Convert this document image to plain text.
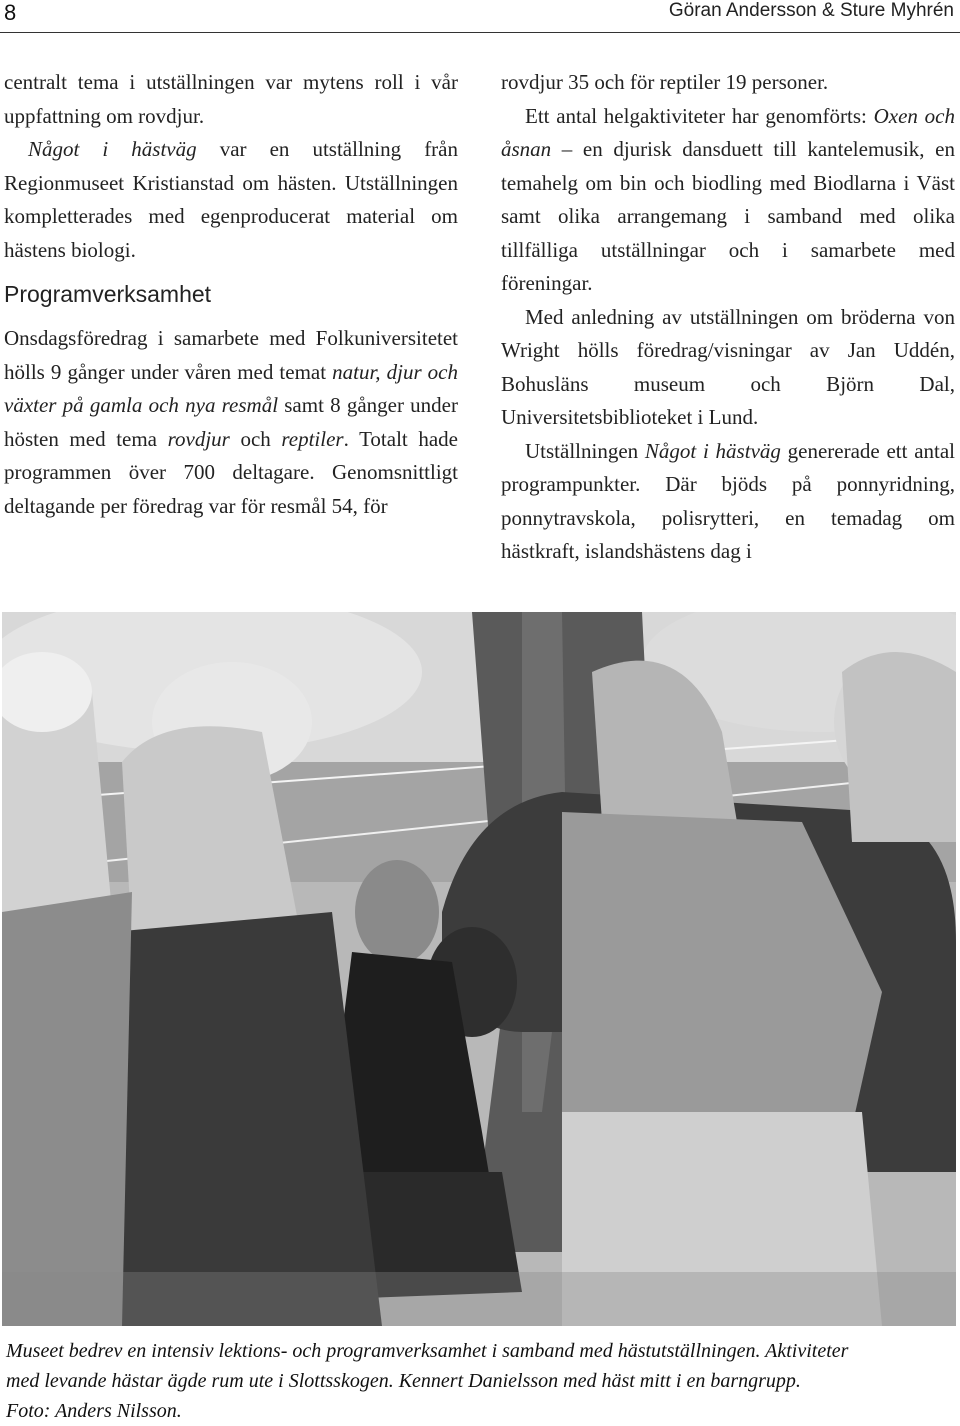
8	Göran Andersson & Sture Myhrén

centralt tema i utställningen var mytens roll i vår uppfattning om rovdjur.

Något i hästväg var en utställning från Regionmuseet Kristianstad om hästen. Utställningen kompletterades med egenproducerat material om hästens biologi.

Programverksamhet

Onsdagsföredrag i samarbete med Folkuniversitetet hölls 9 gånger under våren med temat natur, djur och växter på gamla och nya resmål samt 8 gånger under hösten med tema rovdjur och reptiler. Totalt hade programmen över 700 deltagare. Genomsnittligt deltagande per föredrag var för resmål 54, för

rovdjur 35 och för reptiler 19 personer.

Ett antal helgaktiviteter har genomförts: Oxen och åsnan – en djurisk dansduett till kantelemusik, en temahelg om bin och biodling med Biodlarna i Väst samt olika arrangemang i samband med olika tillfälliga utställningar och i samarbete med föreningar.

Med anledning av utställningen om bröderna von Wright hölls föredrag/visningar av Jan Uddén, Bohusläns museum och Björn Dal, Universitetsbiblioteket i Lund.

Utställningen Något i hästväg genererade ett antal programpunkter. Där bjöds på ponnyridning, ponnytravskola, polisrytteri, en temadag om hästkraft, islandshästens dag i

Museet bedrev en intensiv lektions- och programverksamhet i samband med hästutställningen. Aktiviteter
med levande hästar ägde rum ute i Slottsskogen. Kennert Danielsson med häst mitt i en barngrupp.
Foto: Anders Nilsson.
